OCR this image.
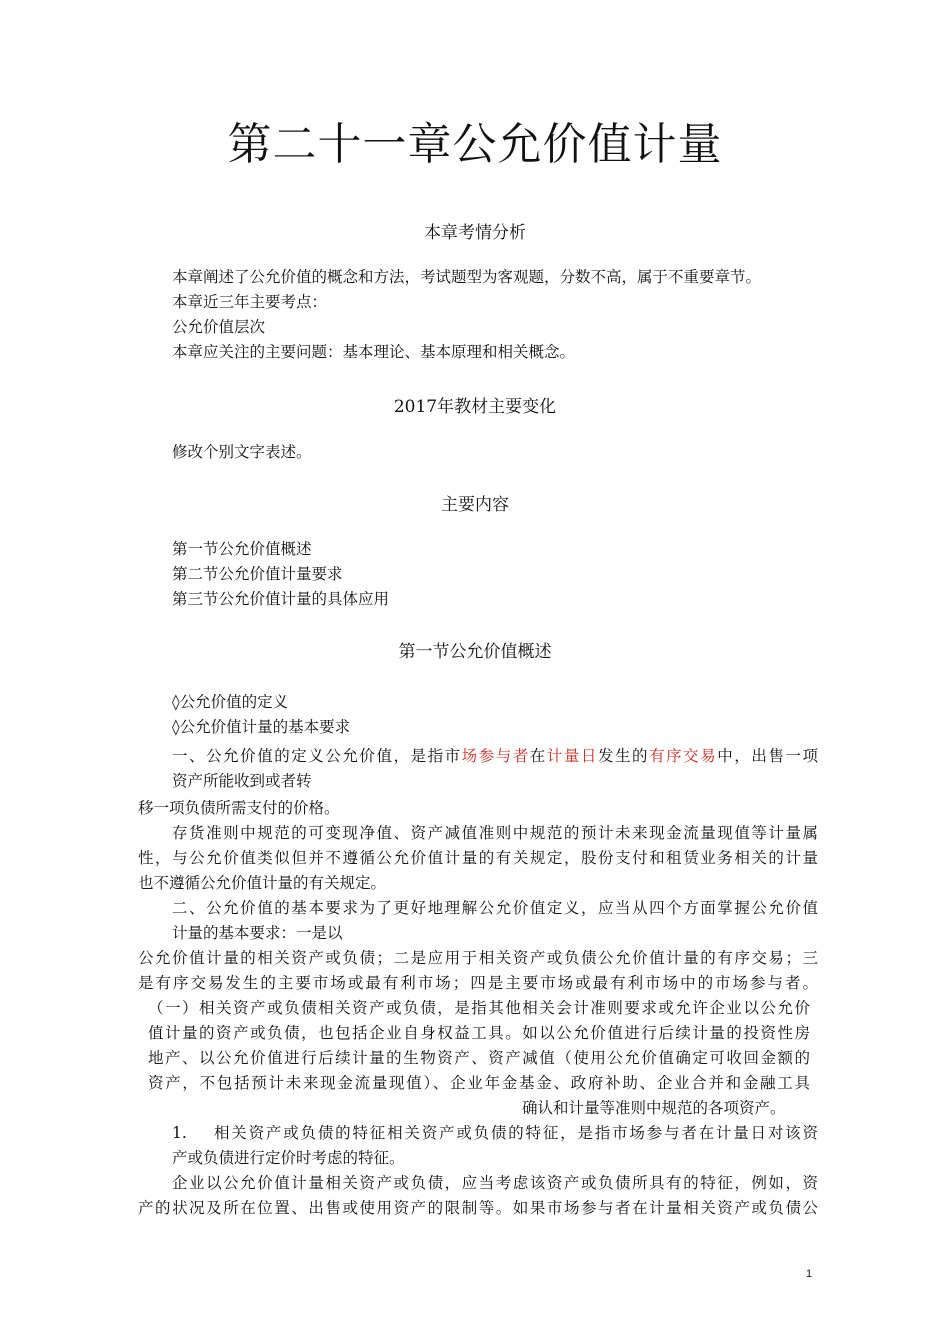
第二十一章公允价值计量
本章考情分析
本章阐述了公允价值的概念和方法，考试题型为客观题，分数不高，属于不重要章节。
本章近三年主要考点：
公允价值层次
本章应关注的主要问题：基本理论、基本原理和相关概念。
2017年教材主要变化
修改个别文字表述。
主要内容
第一节公允价值概述
第二节公允价值计量要求
第三节公允价值计量的具体应用
第一节公允价值概述
◊公允价值的定义
◊公允价值计量的基本要求
一、公允价值的定义公允价值，是指市场参与者在计量日发生的有序交易中，出售一项
资产所能收到或者转
移一项负债所需支付的价格。
存货准则中规范的可变现净值、资产减值准则中规范的预计未来现金流量现值等计量属
性，与公允价值类似但并不遵循公允价值计量的有关规定，股份支付和租赁业务相关的计量
也不遵循公允价值计量的有关规定。
二、公允价值的基本要求为了更好地理解公允价值定义，应当从四个方面掌握公允价值
计量的基本要求：一是以
公允价值计量的相关资产或负债；二是应用于相关资产或负债公允价值计量的有序交易；三
是有序交易发生的主要市场或最有利市场；四是主要市场或最有利市场中的市场参与者。
（一）相关资产或负债相关资产或负债，是指其他相关会计准则要求或允许企业以公允价
值计量的资产或负债，也包括企业自身权益工具。如以公允价值进行后续计量的投资性房
地产、以公允价值进行后续计量的生物资产、资产减值（使用公允价值确定可收回金额的
资产，不包括预计未来现金流量现值）、企业年金基金、政府补助、企业合并和金融工具
确认和计量等准则中规范的各项资产。
1. 相关资产或负债的特征相关资产或负债的特征，是指市场参与者在计量日对该资
产或负债进行定价时考虑的特征。
企业以公允价值计量相关资产或负债，应当考虑该资产或负债所具有的特征，例如，资
产的状况及所在位置、出售或使用资产的限制等。如果市场参与者在计量相关资产或负债公
1
